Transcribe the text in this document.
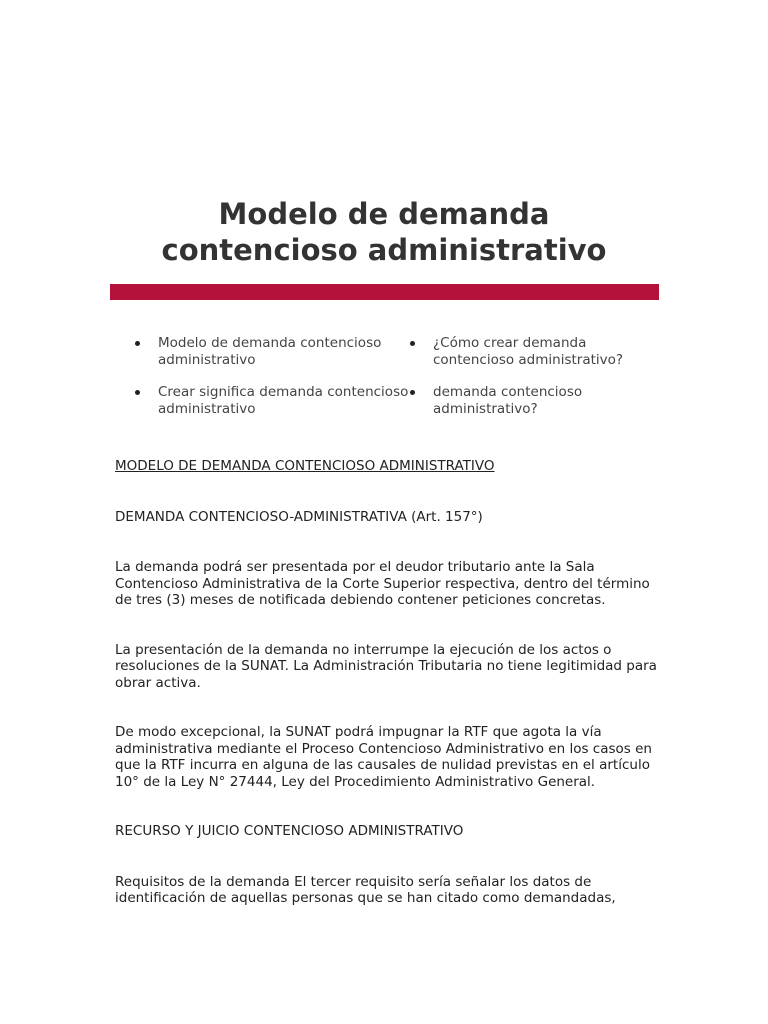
Modelo de demanda
contencioso administrativo
Modelo de demanda contencioso administrativo
¿Cómo crear demanda contencioso administrativo?
Crear significa demanda contencioso administrativo
demanda contencioso administrativo?
MODELO DE DEMANDA CONTENCIOSO ADMINISTRATIVO
DEMANDA CONTENCIOSO-ADMINISTRATIVA (Art. 157°)

La demanda podrá ser presentada por el deudor tributario ante la Sala Contencioso Administrativa de la Corte Superior respectiva, dentro del término de tres (3) meses de notificada debiendo contener peticiones concretas.

La presentación de la demanda no interrumpe la ejecución de los actos o resoluciones de la SUNAT. La Administración Tributaria no tiene legitimidad para obrar activa.

De modo excepcional, la SUNAT podrá impugnar la RTF que agota la vía administrativa mediante el Proceso Contencioso Administrativo en los casos en que la RTF incurra en alguna de las causales de nulidad previstas en el artículo 10° de la Ley N° 27444, Ley del Procedimiento Administrativo General.

RECURSO Y JUICIO CONTENCIOSO ADMINISTRATIVO

Requisitos de la demanda El tercer requisito sería señalar los datos de identificación de aquellas personas que se han citado como demandadas,
